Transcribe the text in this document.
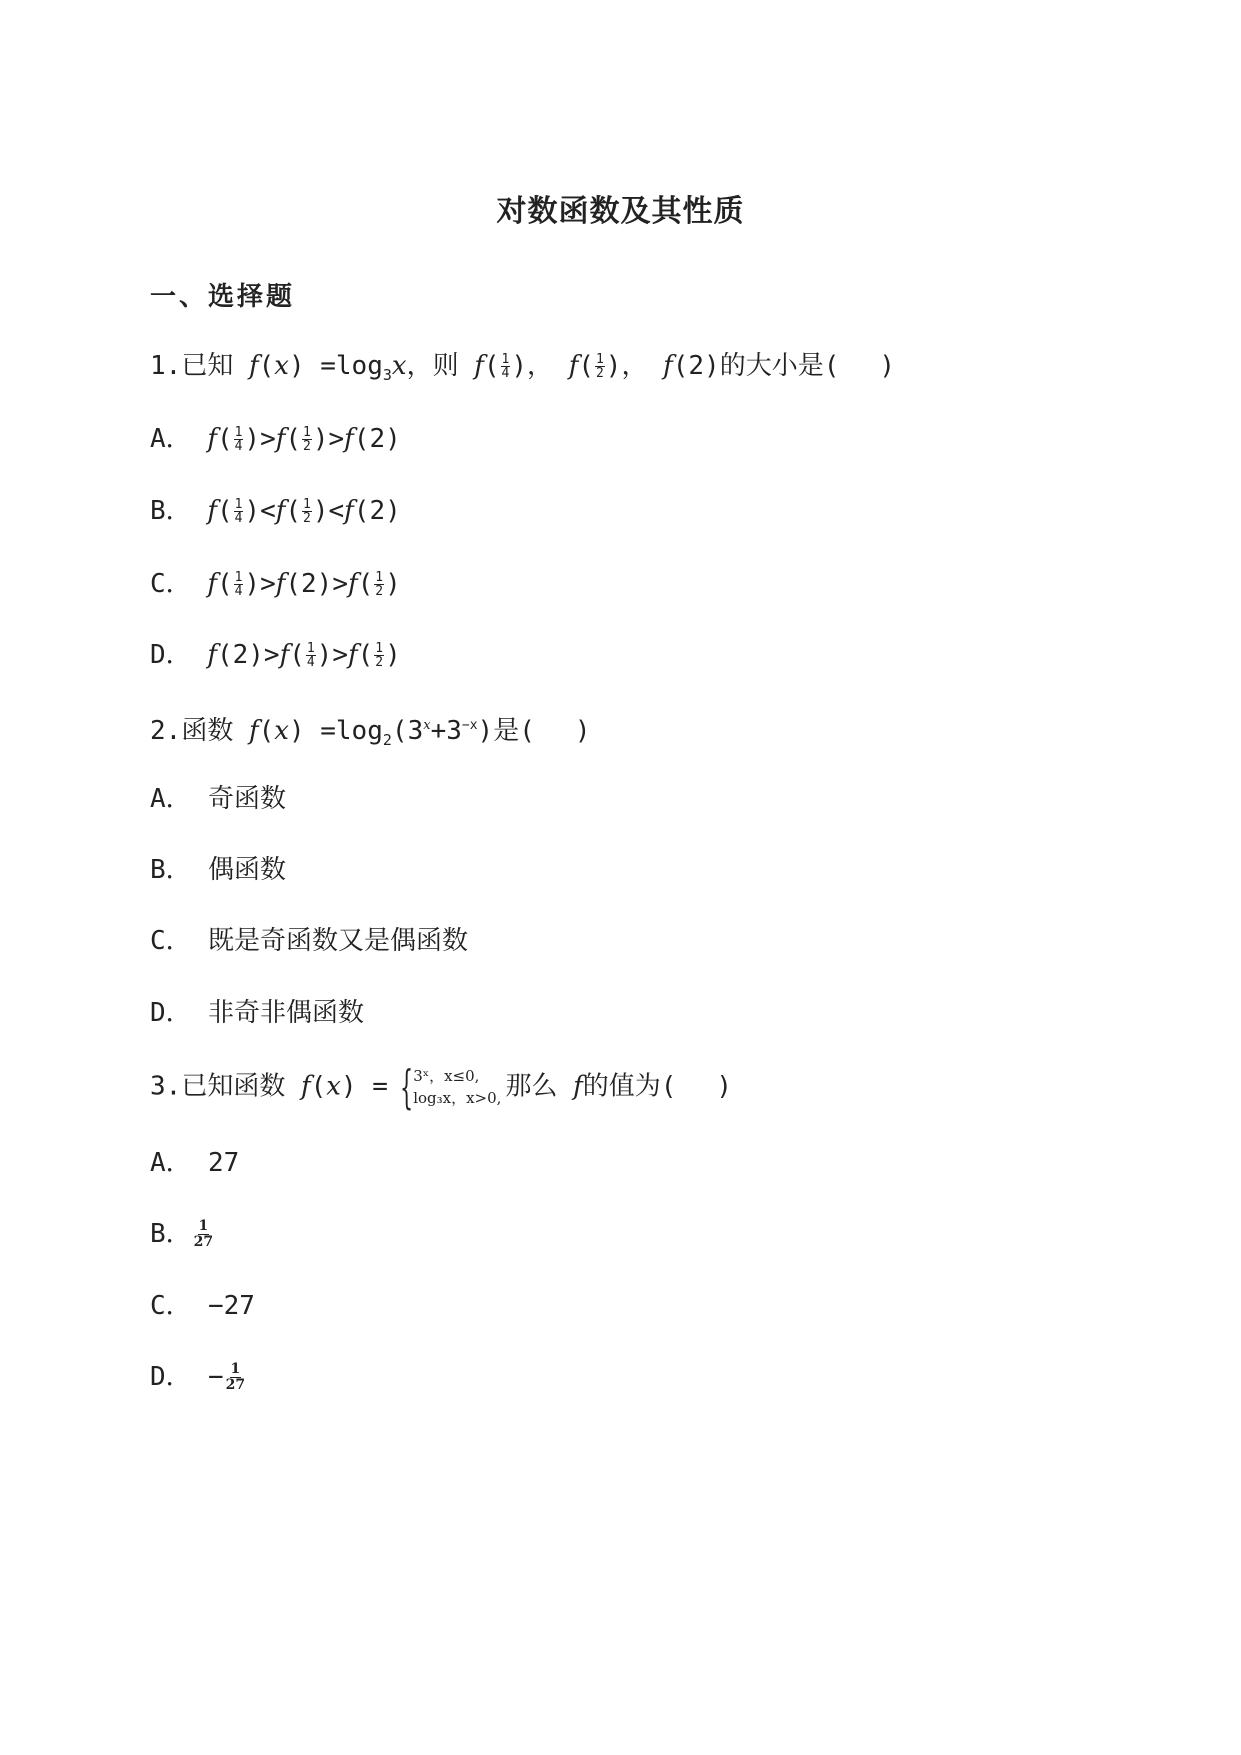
对数函数及其性质
一、选择题
1.已知 $f(x) =\log_3x$，则 $f( \frac{1}{4}$ )， $f( \frac{1}{2}$ )， f(2)的大小是( )
A． $f( \frac{1}{4} )>f( \frac{1}{2} )>f(2)$
B． $f( \frac{1}{4} )<f( \frac{1}{2} )<f(2)$
C． $f( \frac{1}{4} )>f(2)>f( \frac{1}{2}$ )
D． $f(2)>f( \frac{1}{4} )>f( \frac{1}{2}$ )
2.函数 $f(x) =\log_2(3^x+3^{-x})$是( )
A． 奇函数
B． 偶函数
C． 既是奇函数又是偶函数
D． 非奇非偶函数
3.已知函数 f(x) = { 3ˣ，x≤0,
log₃x，x>0, 那么 f的值为( )
A． 27
B． $\frac{1}{27}$
C． −27
D． − $\frac{1}{27}$
